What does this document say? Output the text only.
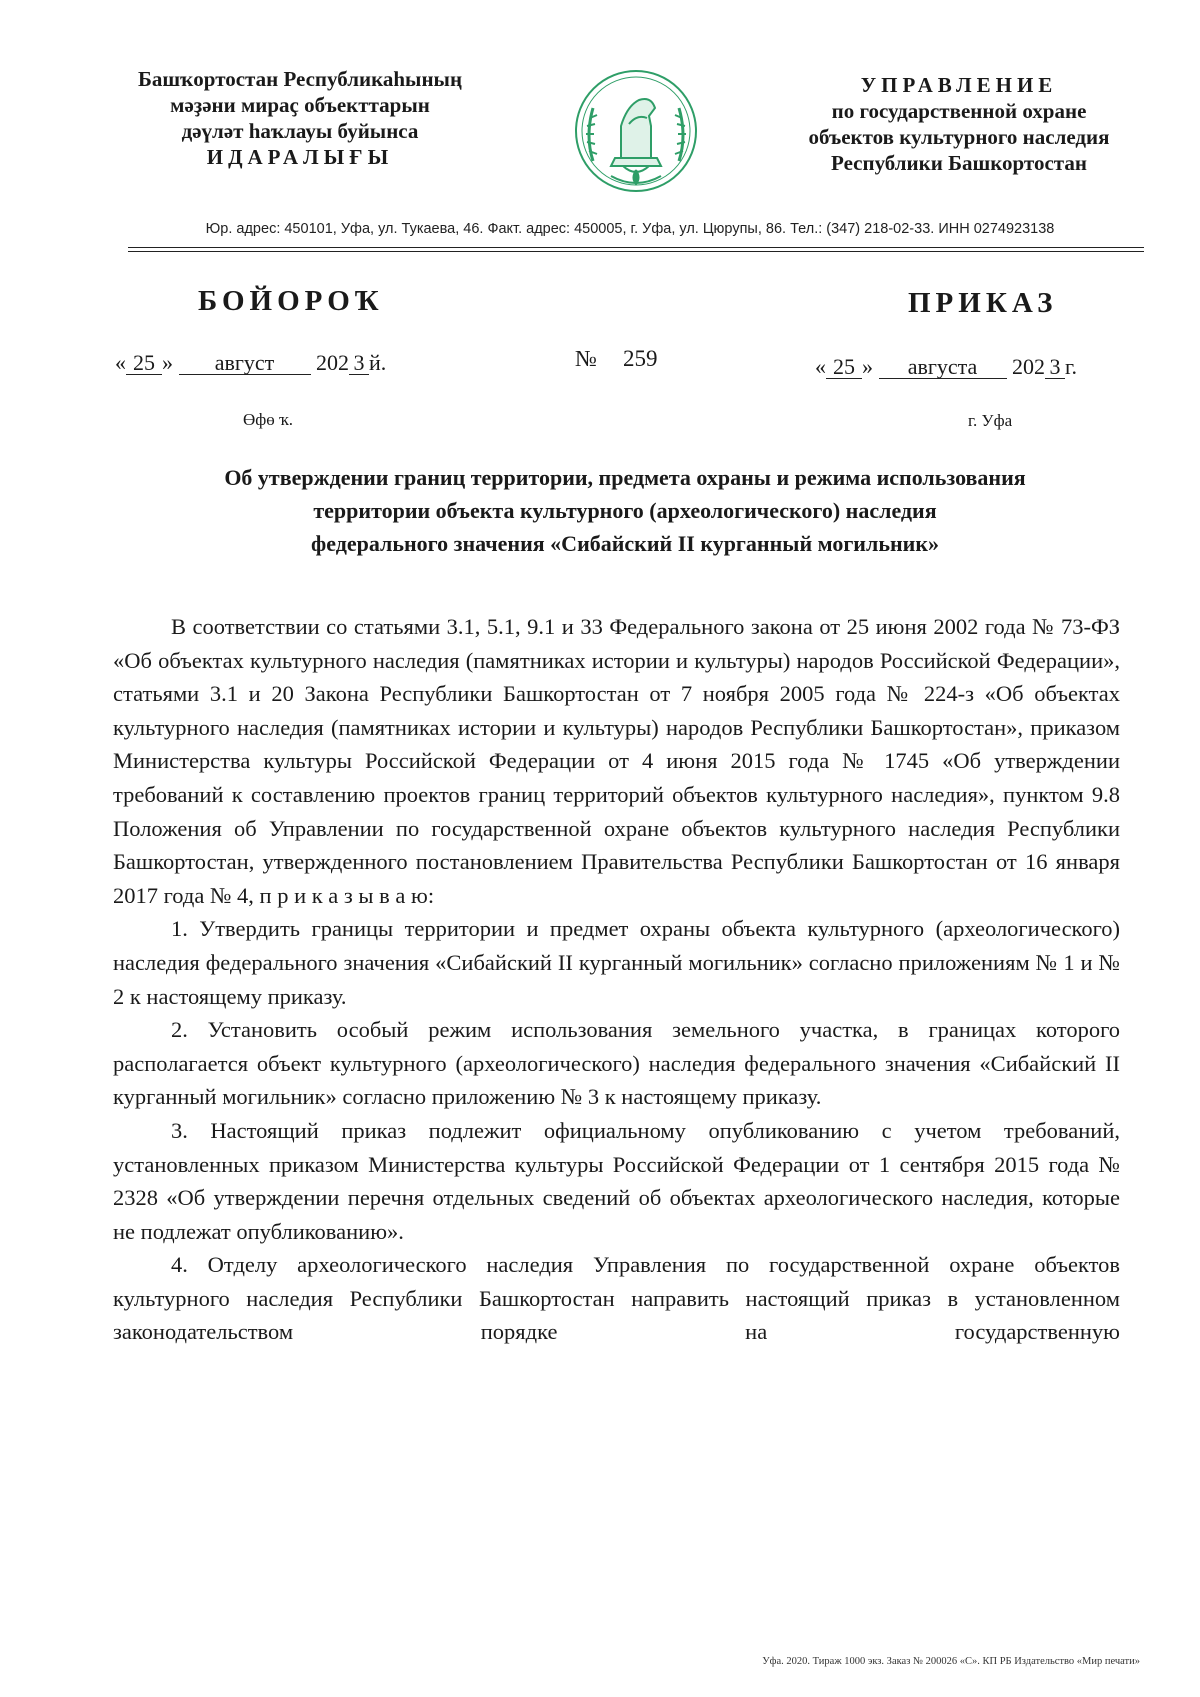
Башҡортостан Республикаһының
мәҙәни мираҫ объекттарын
дәүләт һаҡлауы буйынса
ИДАРАЛЫҒЫ
УПРАВЛЕНИЕ
по государственной охране
объектов культурного наследия
Республики Башкортостан
Юр. адрес: 450101, Уфа, ул. Тукаева, 46. Факт. адрес: 450005, г. Уфа, ул. Цюрупы, 86. Тел.: (347) 218-02-33. ИНН 0274923138
БОЙОРОҠ	ПРИКАЗ
« 25 » август 202 3 й.	№ 259	« 25 » августа 202 3 г.
Өфө ҡ.	г. Уфа
Об утверждении границ территории, предмета охраны и режима использования
территории объекта культурного (археологического) наследия
федерального значения «Сибайский II курганный могильник»

В соответствии со статьями 3.1, 5.1, 9.1 и 33 Федерального закона от 25 июня 2002 года № 73-ФЗ «Об объектах культурного наследия (памятниках истории и культуры) народов Российской Федерации», статьями 3.1 и 20 Закона Республики Башкортостан от 7 ноября 2005 года № 224-з «Об объектах культурного наследия (памятниках истории и культуры) народов Республики Башкортостан», приказом Министерства культуры Российской Федерации от 4 июня 2015 года № 1745 «Об утверждении требований к составлению проектов границ территорий объектов культурного наследия», пунктом 9.8 Положения об Управлении по государственной охране объектов культурного наследия Республики Башкортостан, утвержденного постановлением Правительства Республики Башкортостан от 16 января 2017 года № 4, п р и к а з ы в а ю:

1. Утвердить границы территории и предмет охраны объекта культурного (археологического) наследия федерального значения «Сибайский II курганный могильник» согласно приложениям № 1 и № 2 к настоящему приказу.

2. Установить особый режим использования земельного участка, в границах которого располагается объект культурного (археологического) наследия федерального значения «Сибайский II курганный могильник» согласно приложению № 3 к настоящему приказу.

3. Настоящий приказ подлежит официальному опубликованию с учетом требований, установленных приказом Министерства культуры Российской Федерации от 1 сентября 2015 года № 2328 «Об утверждении перечня отдельных сведений об объектах археологического наследия, которые не подлежат опубликованию».

4. Отделу археологического наследия Управления по государственной охране объектов культурного наследия Республики Башкортостан направить настоящий приказ в установленном законодательством порядке на государственную

Уфа. 2020. Тираж 1000 экз. Заказ № 200026 «С». КП РБ Издательство «Мир печати»
